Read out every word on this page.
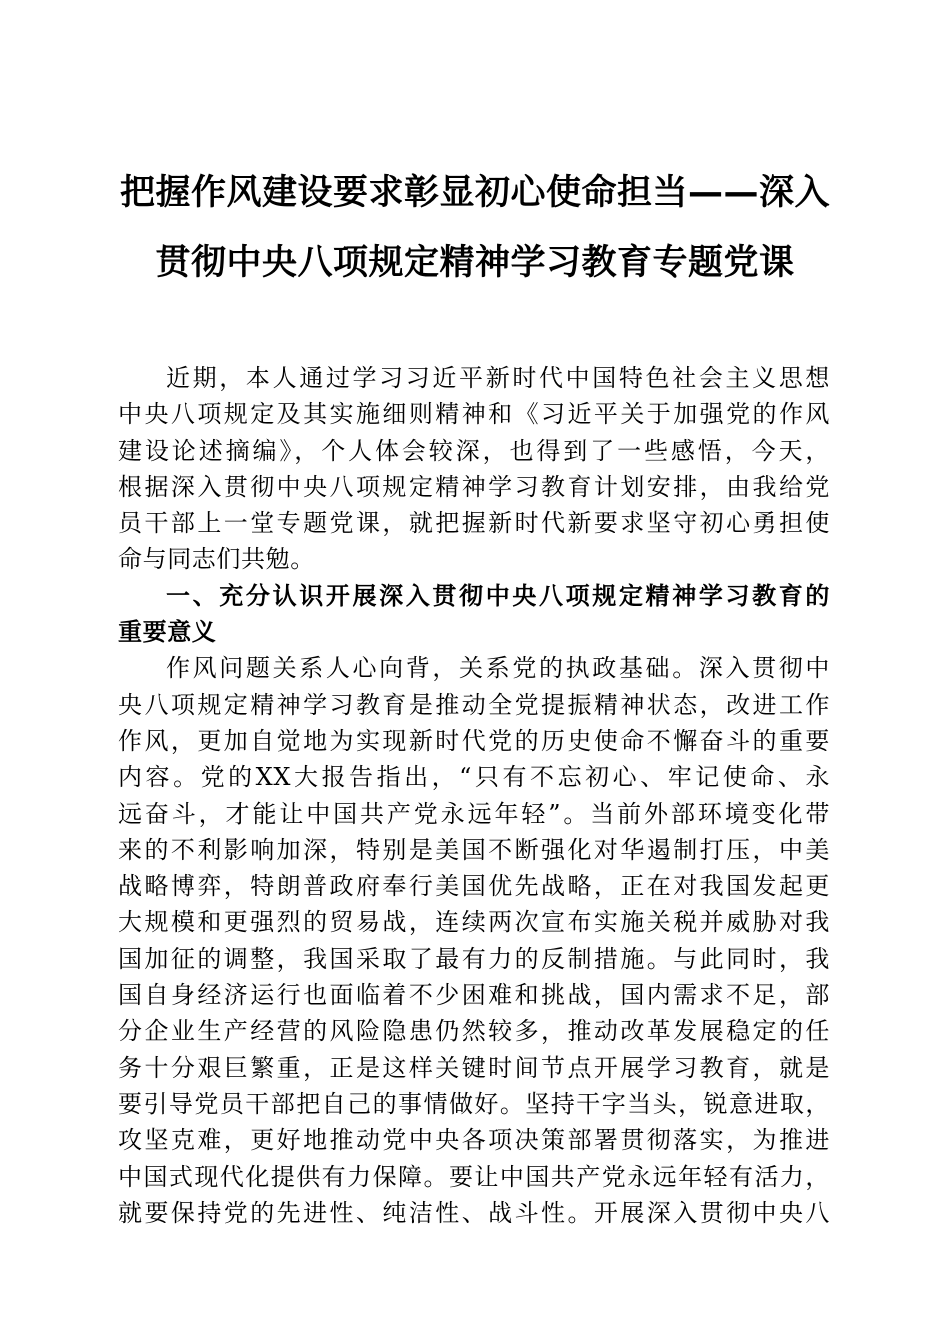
把握作风建设要求彰显初心使命担当——深入
贯彻中央八项规定精神学习教育专题党课
近期，本人通过学习习近平新时代中国特色社会主义思想
中央八项规定及其实施细则精神和《习近平关于加强党的作风
建设论述摘编》，个人体会较深，也得到了一些感悟，今天，
根据深入贯彻中央八项规定精神学习教育计划安排，由我给党
员干部上一堂专题党课，就把握新时代新要求坚守初心勇担使
命与同志们共勉。
一、充分认识开展深入贯彻中央八项规定精神学习教育的
重要意义
作风问题关系人心向背，关系党的执政基础。深入贯彻中
央八项规定精神学习教育是推动全党提振精神状态，改进工作
作风，更加自觉地为实现新时代党的历史使命不懈奋斗的重要
内容。党的XX大报告指出，“只有不忘初心、牢记使命、永
远奋斗，才能让中国共产党永远年轻”。当前外部环境变化带
来的不利影响加深，特别是美国不断强化对华遏制打压，中美
战略博弈，特朗普政府奉行美国优先战略，正在对我国发起更
大规模和更强烈的贸易战，连续两次宣布实施关税并威胁对我
国加征的调整，我国采取了最有力的反制措施。与此同时，我
国自身经济运行也面临着不少困难和挑战，国内需求不足，部
分企业生产经营的风险隐患仍然较多，推动改革发展稳定的任
务十分艰巨繁重，正是这样关键时间节点开展学习教育，就是
要引导党员干部把自己的事情做好。坚持干字当头，锐意进取，
攻坚克难，更好地推动党中央各项决策部署贯彻落实，为推进
中国式现代化提供有力保障。要让中国共产党永远年轻有活力，
就要保持党的先进性、纯洁性、战斗性。开展深入贯彻中央八
